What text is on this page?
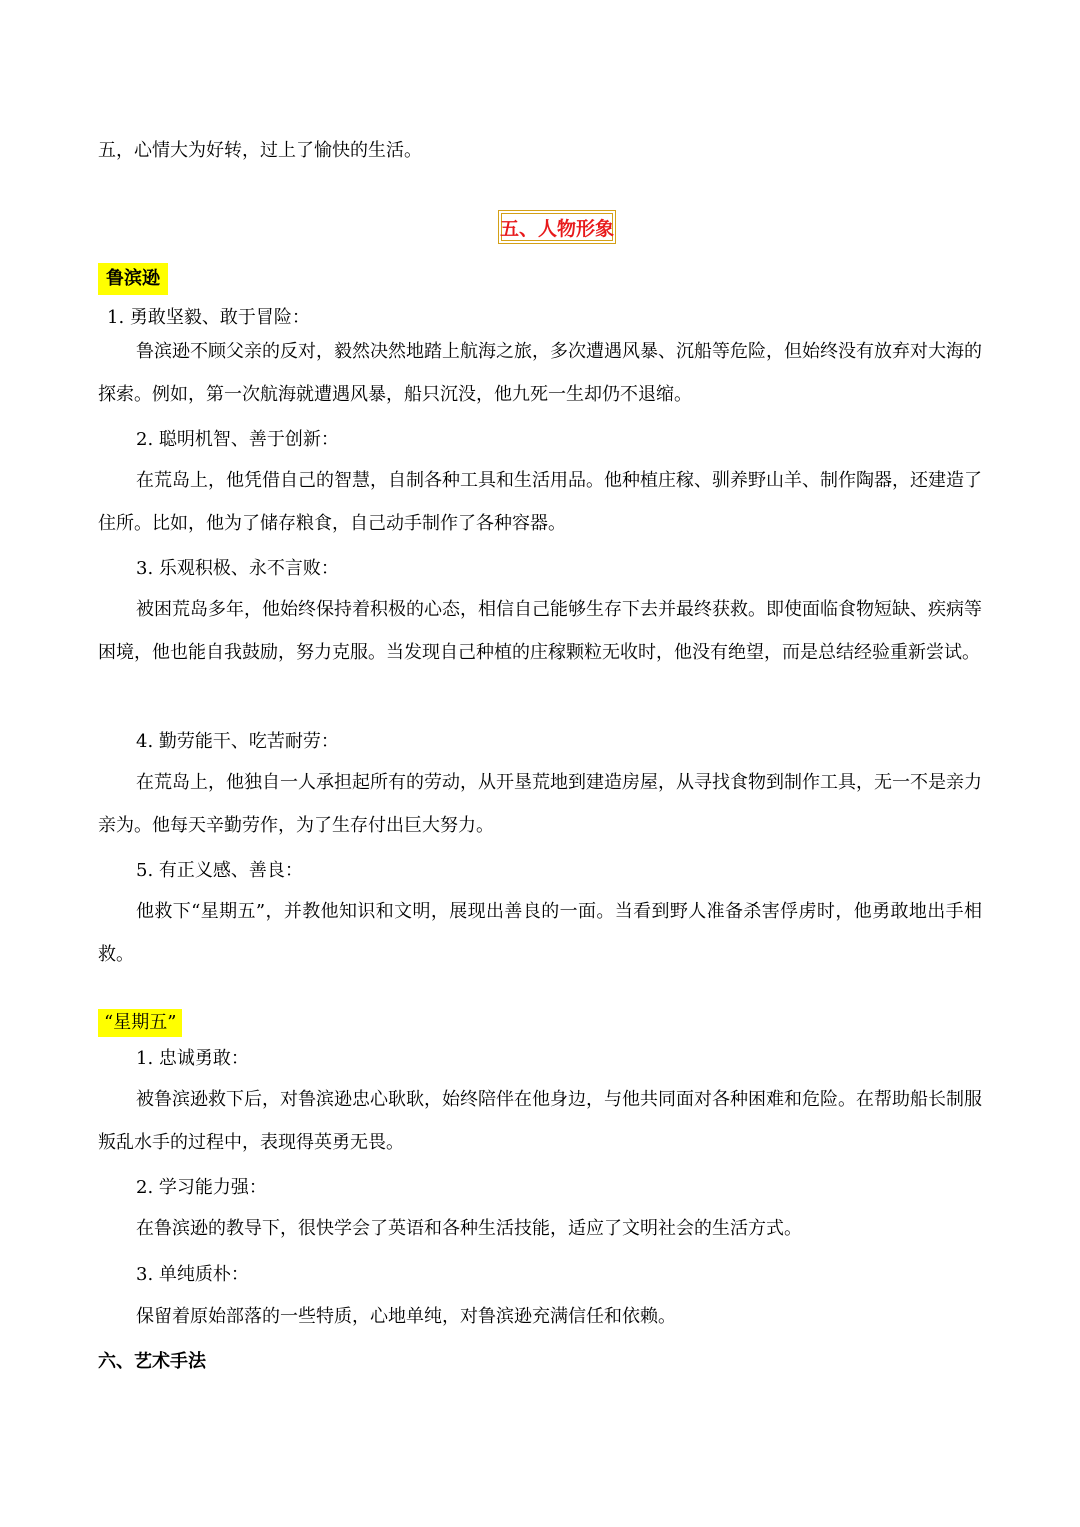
五，心情大为好转，过上了愉快的生活。
五、人物形象
鲁滨逊
1. 勇敢坚毅、敢于冒险：
鲁滨逊不顾父亲的反对，毅然决然地踏上航海之旅，多次遭遇风暴、沉船等危险，但始终没有放弃对大海的探索。例如，第一次航海就遭遇风暴，船只沉没，他九死一生却仍不退缩。
2. 聪明机智、善于创新：
在荒岛上，他凭借自己的智慧，自制各种工具和生活用品。他种植庄稼、驯养野山羊、制作陶器，还建造了住所。比如，他为了储存粮食，自己动手制作了各种容器。
3. 乐观积极、永不言败：
被困荒岛多年，他始终保持着积极的心态，相信自己能够生存下去并最终获救。即使面临食物短缺、疾病等困境，他也能自我鼓励，努力克服。当发现自己种植的庄稼颗粒无收时，他没有绝望，而是总结经验重新尝试。
4. 勤劳能干、吃苦耐劳：
在荒岛上，他独自一人承担起所有的劳动，从开垦荒地到建造房屋，从寻找食物到制作工具，无一不是亲力亲为。他每天辛勤劳作，为了生存付出巨大努力。
5. 有正义感、善良：
他救下“星期五”，并教他知识和文明，展现出善良的一面。当看到野人准备杀害俘虏时，他勇敢地出手相救。
“星期五”
1. 忠诚勇敢：
被鲁滨逊救下后，对鲁滨逊忠心耿耿，始终陪伴在他身边，与他共同面对各种困难和危险。在帮助船长制服叛乱水手的过程中，表现得英勇无畏。
2. 学习能力强：
在鲁滨逊的教导下，很快学会了英语和各种生活技能，适应了文明社会的生活方式。
3. 单纯质朴：
保留着原始部落的一些特质，心地单纯，对鲁滨逊充满信任和依赖。
六、艺术手法
